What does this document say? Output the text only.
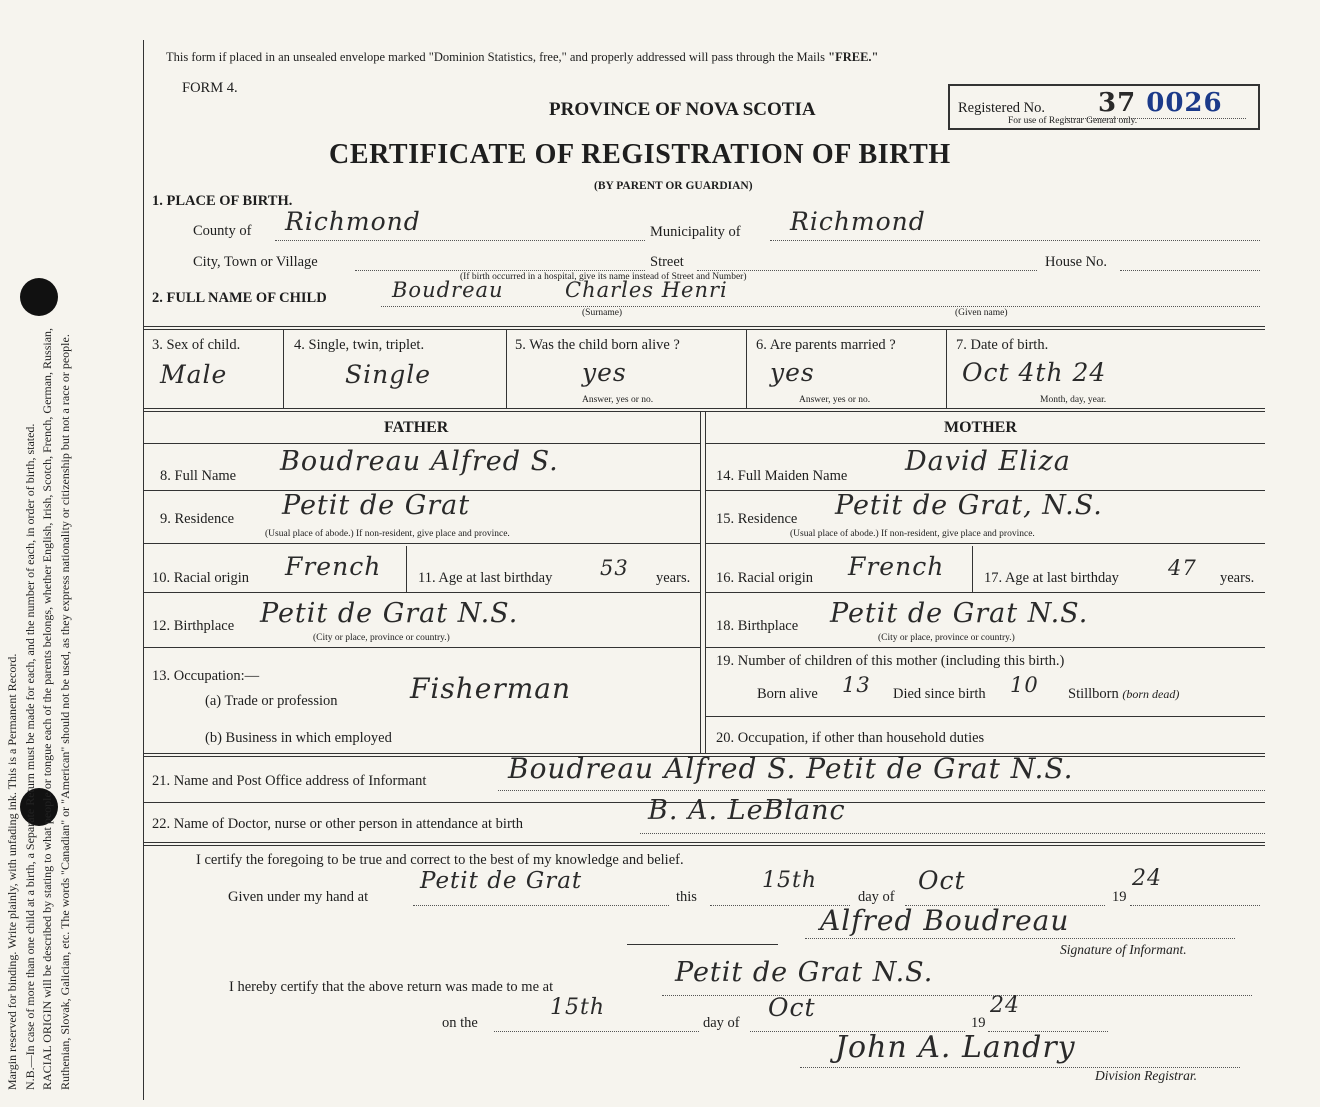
Margin reserved for binding. Write plainly, with unfading ink. This is a Permanent Record. N.B.—In case of more than one child at a birth, a Separate Return must be made for each, and the number of each, in order of birth, stated. RACIAL ORIGIN will be described by stating to what people or tongue each of the parents belongs, whether English, Irish, Scotch, French, German, Russian, Ruthenian, Slovak, Galician, etc. The words "Canadian" or "American" should not be used, as they express nationality or citizenship but not a race or people.
This form if placed in an unsealed envelope marked "Dominion Statistics, free," and properly addressed will pass through the Mails "FREE."
FORM 4.
PROVINCE OF NOVA SCOTIA
CERTIFICATE OF REGISTRATION OF BIRTH
(BY PARENT OR GUARDIAN)
Registered No. 37 0026
For use of Registrar General only.
1. PLACE OF BIRTH.
County of Richmond	Municipality of Richmond
City, Town or Village	Street	House No.
(If birth occurred in a hospital, give its name instead of Street and Number)
2. FULL NAME OF CHILD	Boudreau	Charles Henri
(Surname)	(Given name)
3. Sex of child.
Male
4. Single, twin, triplet.
Single
5. Was the child born alive ?
yes
Answer, yes or no.
6. Are parents married ?
yes
Answer, yes or no.
7. Date of birth.
Oct 4th 24
Month, day, year.
FATHER	MOTHER
8. Full Name Boudreau Alfred S.	14. Full Maiden Name David Eliza
9. Residence Petit de Grat
(Usual place of abode.) If non-resident, give place and province.
15. Residence Petit de Grat, N.S.
(Usual place of abode.) If non-resident, give place and province.
10. Racial origin French	11. Age at last birthday 53 years. 16. Racial origin French	17. Age at last birthday 47 years.
12. Birthplace Petit de Grat N.S.
(City or place, province or country.)
18. Birthplace Petit de Grat N.S.
(City or place, province or country.)
13. Occupation:—
(a) Trade or profession	Fisherman
19. Number of children of this mother (including this birth.)
Born alive 13 Died since birth 10 Stillborn (born dead)
(b) Business in which employed	20. Occupation, if other than household duties
21. Name and Post Office address of Informant	Boudreau Alfred S. Petit de Grat N.S.
22. Name of Doctor, nurse or other person in attendance at birth	B. A. LeBlanc
I certify the foregoing to be true and correct to the best of my knowledge and belief.
Given under my hand at
Petit de Grat
this
15th
day of
Oct
19
24
Alfred Boudreau
Signature of Informant.
I hereby certify that the above return was made to me at	Petit de Grat N.S.
on the
15th
day of
Oct
19
24
John A. Landry
Division Registrar.
